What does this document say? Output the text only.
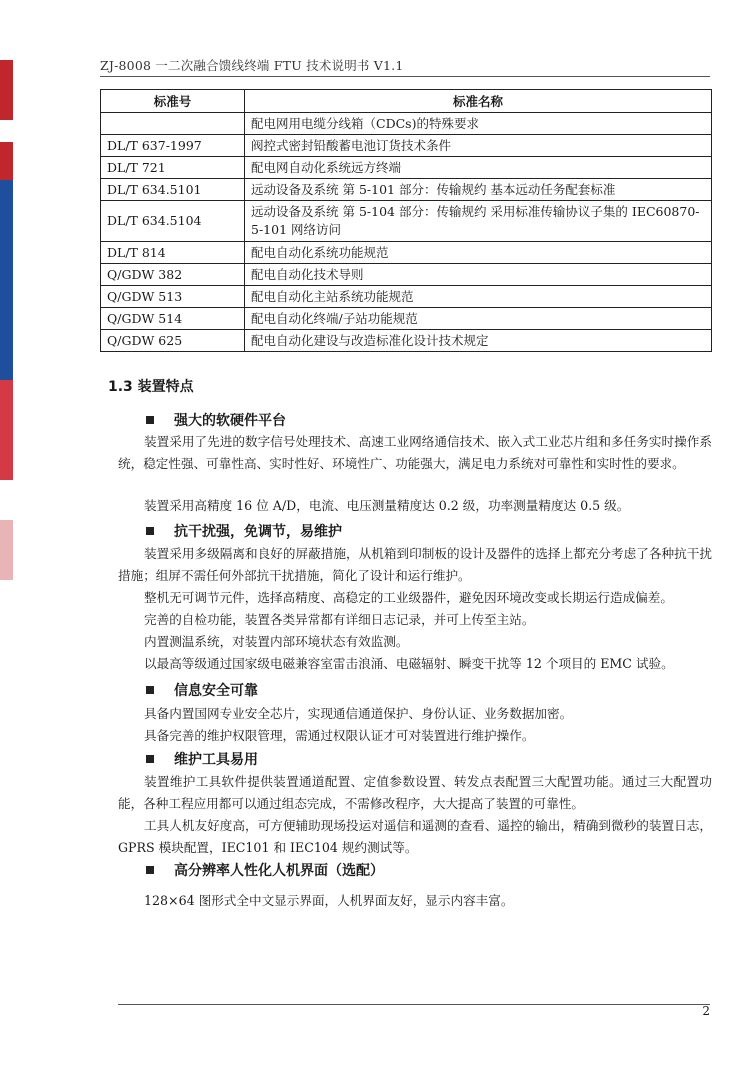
ZJ-8008 一二次融合馈线终端 FTU 技术说明书 V1.1
标准号	标准名称
	配电网用电缆分线箱（CDCs)的特殊要求
DL/T 637-1997	阀控式密封铅酸蓄电池订货技术条件
DL/T 721	配电网自动化系统远方终端
DL/T 634.5101	远动设备及系统 第 5-101 部分：传输规约 基本远动任务配套标准
DL/T 634.5104	远动设备及系统 第 5-104 部分：传输规约 采用标准传输协议子集的 IEC60870-5-101 网络访问
DL/T 814	配电自动化系统功能规范
Q/GDW 382	配电自动化技术导则
Q/GDW 513	配电自动化主站系统功能规范
Q/GDW 514	配电自动化终端/子站功能规范
Q/GDW 625	配电自动化建设与改造标准化设计技术规定
1.3 装置特点
强大的软硬件平台

装置采用了先进的数字信号处理技术、高速工业网络通信技术、嵌入式工业芯片组和多任务实时操作系统，稳定性强、可靠性高、实时性好、环境性广、功能强大，满足电力系统对可靠性和实时性的要求。

装置采用高精度 16 位 A/D，电流、电压测量精度达 0.2 级，功率测量精度达 0.5 级。
抗干扰强，免调节，易维护

装置采用多级隔离和良好的屏蔽措施，从机箱到印制板的设计及器件的选择上都充分考虑了各种抗干扰措施；组屏不需任何外部抗干扰措施，简化了设计和运行维护。

整机无可调节元件，选择高精度、高稳定的工业级器件，避免因环境改变或长期运行造成偏差。
完善的自检功能，装置各类异常都有详细日志记录，并可上传至主站。
内置测温系统，对装置内部环境状态有效监测。
以最高等级通过国家级电磁兼容室雷击浪涌、电磁辐射、瞬变干扰等 12 个项目的 EMC 试验。
信息安全可靠
具备内置国网专业安全芯片，实现通信通道保护、身份认证、业务数据加密。
具备完善的维护权限管理，需通过权限认证才可对装置进行维护操作。
维护工具易用

装置维护工具软件提供装置通道配置、定值参数设置、转发点表配置三大配置功能。通过三大配置功能，各种工程应用都可以通过组态完成，不需修改程序，大大提高了装置的可靠性。

工具人机友好度高，可方便辅助现场投运对遥信和遥测的查看、遥控的输出，精确到微秒的装置日志，GPRS 模块配置，IEC101 和 IEC104 规约测试等。

高分辨率人性化人机界面（选配）
128×64 图形式全中文显示界面，人机界面友好，显示内容丰富。
2
